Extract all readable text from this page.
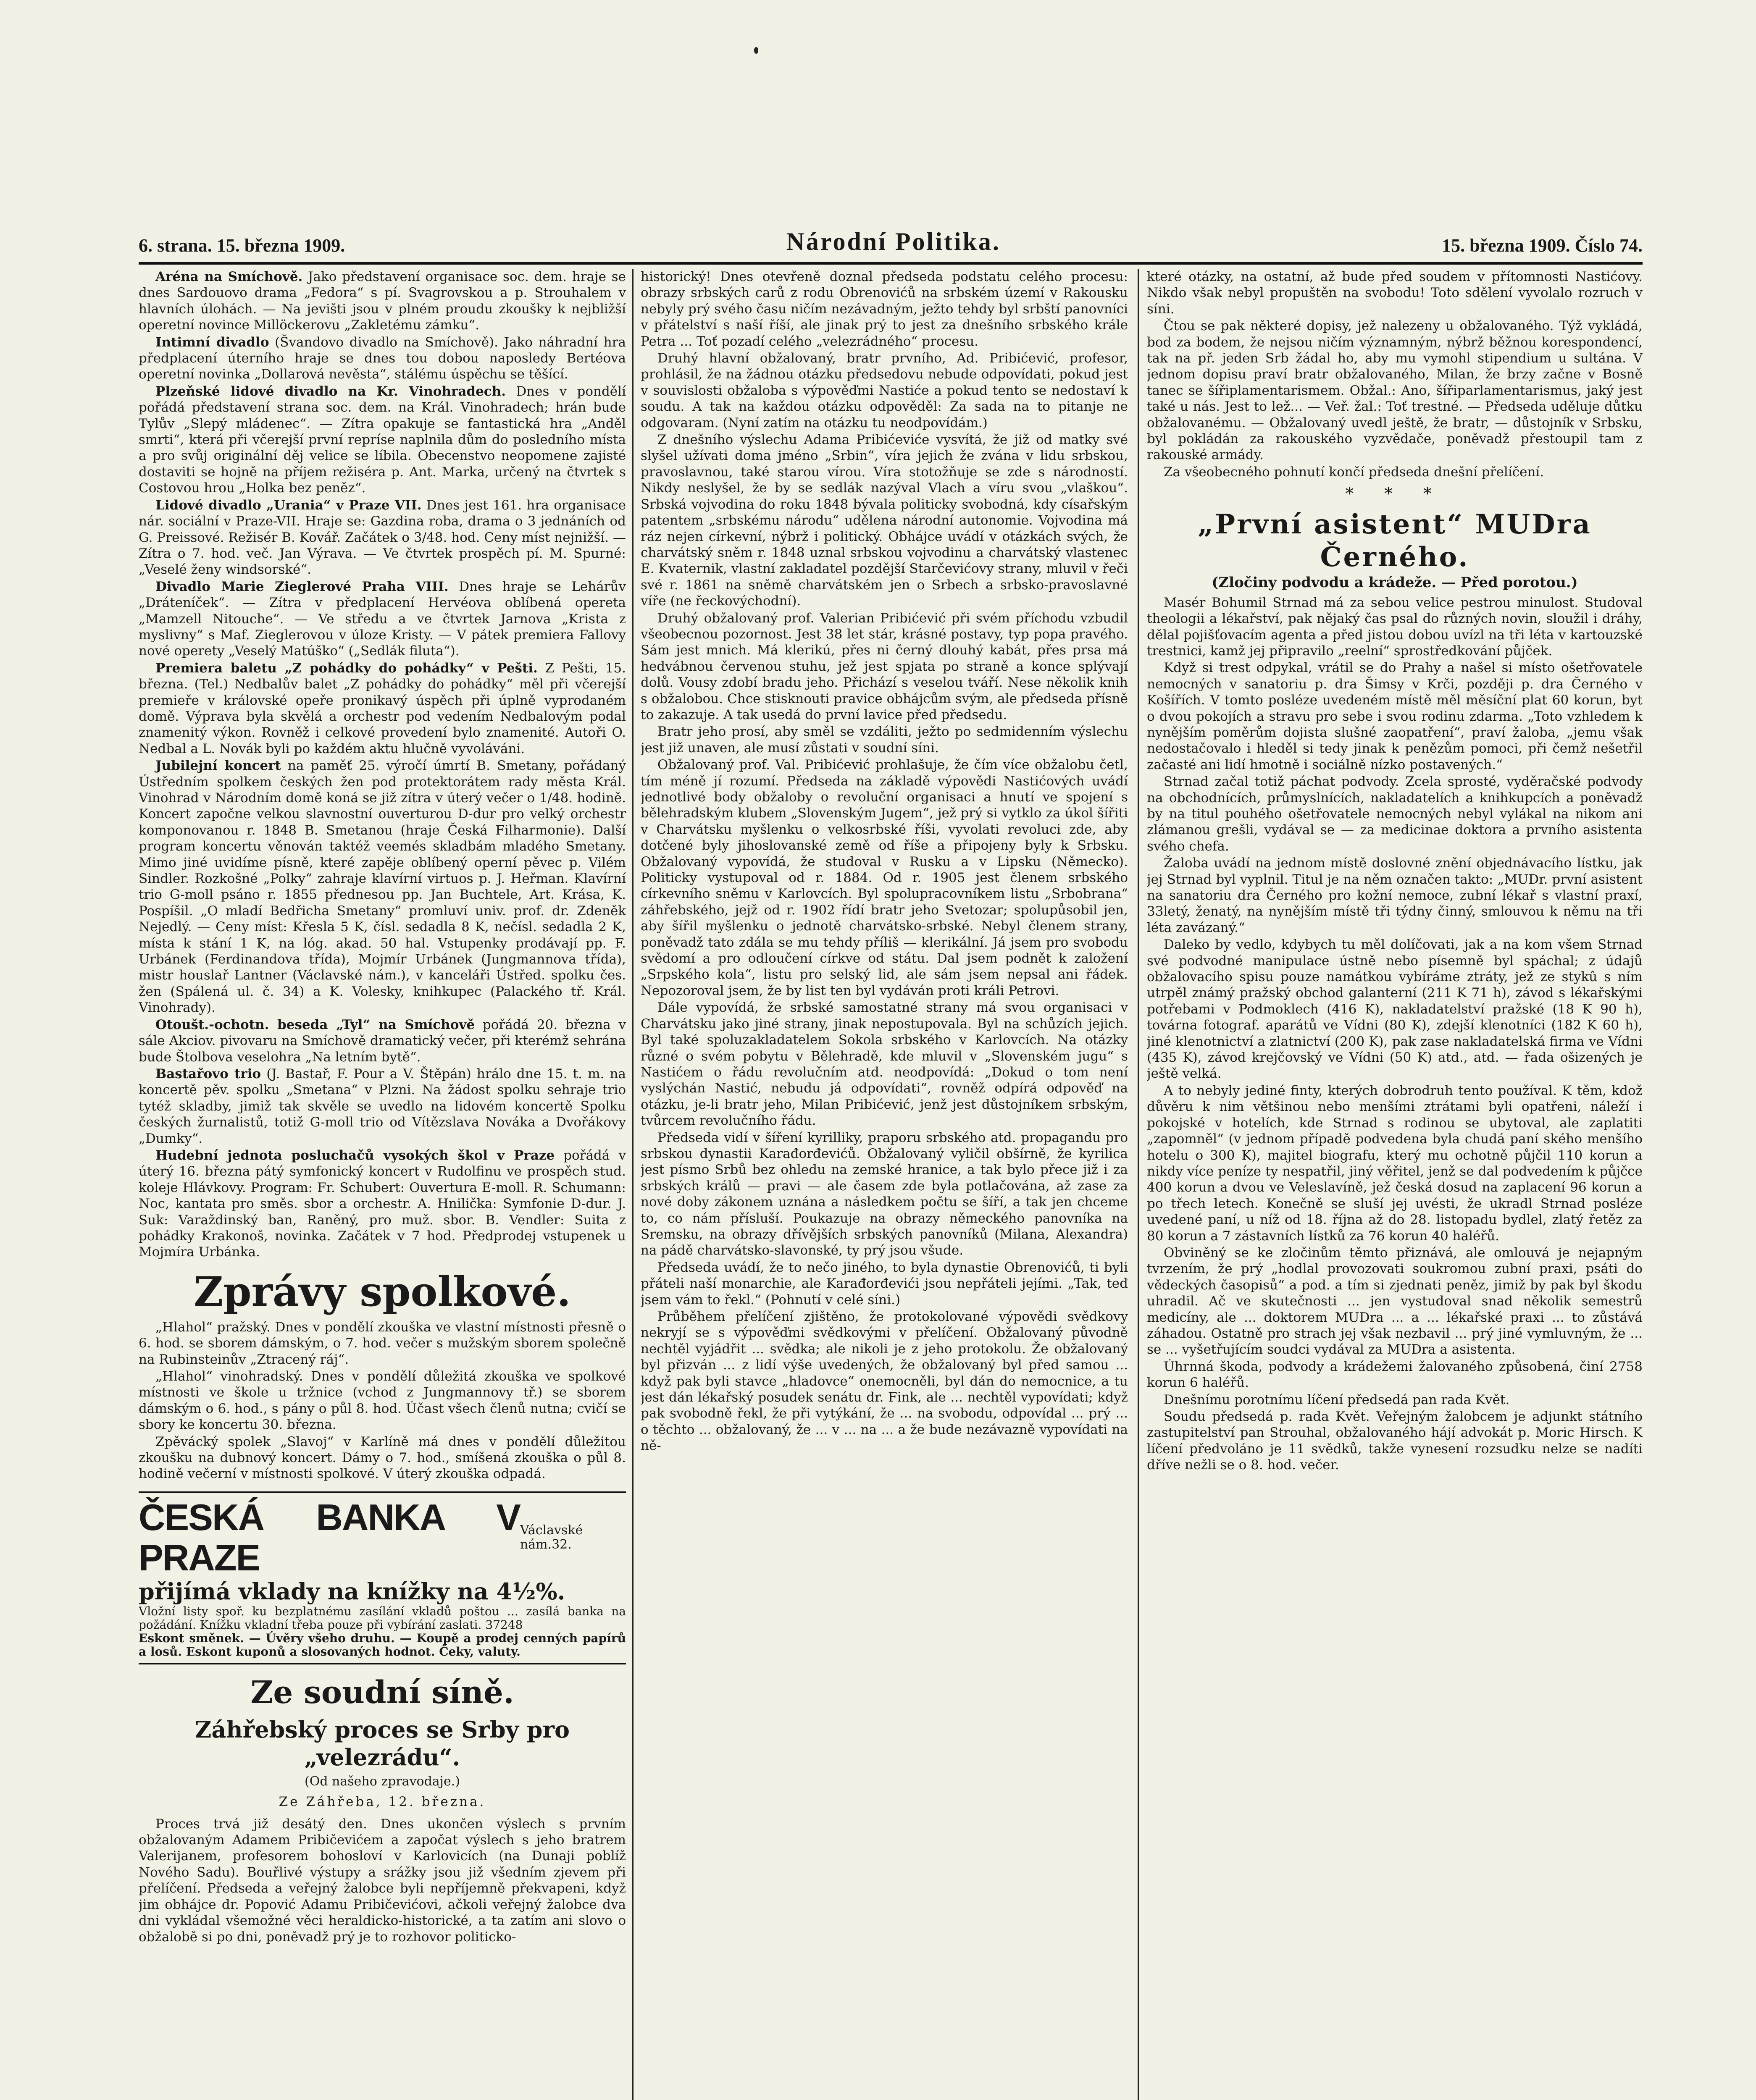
6. strana. 15. března 1909.	Národní Politika.	15. března 1909. Číslo 74.

Aréna na Smíchově. Jako představení organisace soc. dem. hraje se dnes Sardouovo drama „Fedora“ s pí. Svagrovskou a p. Strouhalem v hlavních úlohách. — Na jevišti jsou v plném proudu zkoušky k nejbližší operetní novince Millöckerovu „Zakletému zámku“.

Intimní divadlo (Švandovo divadlo na Smíchově). Jako náhradní hra předplacení úterního hraje se dnes tou dobou naposledy Bertéova operetní novinka „Dollarová nevěsta“, stálému úspěchu se těšící.

Plzeňské lidové divadlo na Kr. Vinohradech. Dnes v pondělí pořádá představení strana soc. dem. na Král. Vinohradech; hrán bude Tylův „Slepý mládenec“. — Zítra opakuje se fantastická hra „Anděl smrti“, která při včerejší první repríse naplnila dům do posledního místa a pro svůj originální děj velice se líbila. Obecenstvo neopomene zajisté dostaviti se hojně na příjem režiséra p. Ant. Marka, určený na čtvrtek s Costovou hrou „Holka bez peněz“.

Lidové divadlo „Urania“ v Praze VII. Dnes jest 161. hra organisace nár. sociální v Praze-VII. Hraje se: Gazdina roba, drama o 3 jednáních od G. Preissové. Režisér B. Kovář. Začátek o 3/48. hod. Ceny míst nejnižší. — Zítra o 7. hod. več. Jan Výrava. — Ve čtvrtek prospěch pí. M. Spurné: „Veselé ženy windsorské“.

Divadlo Marie Zieglerové Praha VIII. Dnes hraje se Lehárův „Dráteníček“. — Zítra v předplacení Hervéova oblíbená opereta „Mamzell Nitouche“. — Ve středu a ve čtvrtek Jarnova „Krista z myslivny“ s Maf. Zieglerovou v úloze Kristy. — V pátek premiera Fallovy nové operety „Veselý Matúško“ („Sedlák filuta“).

Premiera baletu „Z pohádky do pohádky“ v Pešti. Z Pešti, 15. března. (Tel.) Nedbalův balet „Z pohádky do pohádky“ měl při včerejší premieře v královské opeře pronikavý úspěch při úplně vyprodaném domě. Výprava byla skvělá a orchestr pod vedením Nedbalovým podal znamenitý výkon. Rovněž i celkové provedení bylo znamenité. Autoři O. Nedbal a L. Novák byli po každém aktu hlučně vyvoláváni.

Jubilejní koncert na paměť 25. výročí úmrtí B. Smetany, pořádaný Ústředním spolkem českých žen pod protektorátem rady města Král. Vinohrad v Národním domě koná se již zítra v úterý večer o 1/48. hodině. Koncert započne velkou slavnostní ouverturou D-dur pro velký orchestr komponovanou r. 1848 B. Smetanou (hraje Česká Filharmonie). Další program koncertu věnován taktéž veemés skladbám mladého Smetany. Mimo jiné uvidíme písně, které zapěje oblíbený operní pěvec p. Vilém Sindler. Rozkošné „Polky“ zahraje klavírní virtuos p. J. Heřman. Klavírní trio G-moll psáno r. 1855 přednesou pp. Jan Buchtele, Art. Krása, K. Pospíšil. „O mladí Bedřicha Smetany“ promluví univ. prof. dr. Zdeněk Nejedlý. — Ceny míst: Křesla 5 K, čísl. sedadla 8 K, nečísl. sedadla 2 K, místa k stání 1 K, na lóg. akad. 50 hal. Vstupenky prodávají pp. F. Urbánek (Ferdinandova třída), Mojmír Urbánek (Jungmannova třída), mistr houslař Lantner (Václavské nám.), v kanceláři Ústřed. spolku čes. žen (Spálená ul. č. 34) a K. Volesky, knihkupec (Palackého tř. Král. Vinohrady).

Otoušt.-ochotn. beseda „Tyl“ na Smíchově pořádá 20. března v sále Akciov. pivovaru na Smíchově dramatický večer, při kterémž sehrána bude Štolbova veselohra „Na letním bytě“.

Bastařovo trio (J. Bastař, F. Pour a V. Štěpán) hrálo dne 15. t. m. na koncertě pěv. spolku „Smetana“ v Plzni. Na žádost spolku sehraje trio tytéž skladby, jimiž tak skvěle se uvedlo na lidovém koncertě Spolku českých žurnalistů, totiž G-moll trio od Vítězslava Nováka a Dvořákovy „Dumky“.

Hudební jednota posluchačů vysokých škol v Praze pořádá v úterý 16. března pátý symfonický koncert v Rudolfinu ve prospěch stud. koleje Hlávkovy. Program: Fr. Schubert: Ouvertura E-moll. R. Schumann: Noc, kantata pro směs. sbor a orchestr. A. Hnilička: Symfonie D-dur. J. Suk: Varaždinský ban, Raněný, pro muž. sbor. B. Vendler: Suita z pohádky Krakonoš, novinka. Začátek v 7 hod. Předprodej vstupenek u Mojmíra Urbánka.

Zprávy spolkové.

„Hlahol“ pražský. Dnes v pondělí zkouška ve vlastní místnosti přesně o 6. hod. se sborem dámským, o 7. hod. večer s mužským sborem společně na Rubinsteinův „Ztracený ráj“.

„Hlahol“ vinohradský. Dnes v pondělí důležitá zkouška ve spolkové místnosti ve škole u tržnice (vchod z Jungmannovy tř.) se sborem dámským o 6. hod., s pány o půl 8. hod. Účast všech členů nutna; cvičí se sbory ke koncertu 30. března.

Zpěvácký spolek „Slavoj“ v Karlíně má dnes v pondělí důležitou zkoušku na dubnový koncert. Dámy o 7. hod., smíšená zkouška o půl 8. hodině večerní v místnosti spolkové. V úterý zkouška odpadá.

ČESKÁ BANKA V PRAZE
Václavské nám.32.
přijímá vklady na knížky na 4½%.
Vložní listy spoř. ku bezplatnému zasílání vkladů poštou ... zasílá banka na požádání. Knížku vkladní třeba pouze při vybírání zaslati. 37248
Eskont směnek. — Úvěry všeho druhu. — Koupě a prodej cenných papírů a losů. Eskont kuponů a slosovaných hodnot. Čeky, valuty.
Ze soudní síně.
Záhřebský proces se Srby pro „velezrádu“.
(Od našeho zpravodaje.)
Ze Záhřeba, 12. března.

Proces trvá již desátý den. Dnes ukončen výslech s prvním obžalovaným Adamem Pribičevićem a započat výslech s jeho bratrem Valerijanem, profesorem bohosloví v Karlovicích (na Dunaji poblíž Nového Sadu). Bouřlivé výstupy a srážky jsou již všedním zjevem při přelíčení. Předseda a veřejný žalobce byli nepříjemně překvapeni, když jim obhájce dr. Popović Adamu Pribičevićovi, ačkoli veřejný žalobce dva dni vykládal všemožné věci heraldicko-historické, a ta zatím ani slovo o obžalobě si po dni, poněvadž prý je to rozhovor politicko-

historický! Dnes otevřeně doznal předseda podstatu celého procesu: obrazy srbských carů z rodu Obrenovićů na srbském území v Rakousku nebyly prý svého času ničím nezávadným, ježto tehdy byl srbští panovníci v přátelství s naší říší, ale jinak prý to jest za dnešního srbského krále Petra ... Toť pozadí celého „velezrádného“ procesu.

Druhý hlavní obžalovaný, bratr prvního, Ad. Pribićević, profesor, prohlásil, že na žádnou otázku předsedovu nebude odpovídati, pokud jest v souvislosti obžaloba s výpověďmi Nastiće a pokud tento se nedostaví k soudu. A tak na každou otázku odpověděl: Za sada na to pitanje ne odgovaram. (Nyní zatím na otázku tu neodpovídám.)

Z dnešního výslechu Adama Pribićeviće vysvítá, že již od matky své slyšel užívati doma jméno „Srbin“, víra jejich že zvána v lidu srbskou, pravoslavnou, také starou vírou. Víra stotožňuje se zde s národností. Nikdy neslyšel, že by se sedlák nazýval Vlach a víru svou „vlaškou“. Srbská vojvodina do roku 1848 bývala politicky svobodná, kdy císařským patentem „srbskému národu“ udělena národní autonomie. Vojvodina má ráz nejen církevní, nýbrž i politický. Obhájce uvádí v otázkách svých, že charvátský sněm r. 1848 uznal srbskou vojvodinu a charvátský vlastenec E. Kvaternik, vlastní zakladatel pozdější Starčevićovy strany, mluvil v řeči své r. 1861 na sněmě charvátském jen o Srbech a srbsko-pravoslavné víře (ne řeckovýchodní).

Druhý obžalovaný prof. Valerian Pribićević při svém příchodu vzbudil všeobecnou pozornost. Jest 38 let stár, krásné postavy, typ popa pravého. Sám jest mnich. Má klerikú, přes ni černý dlouhý kabát, přes prsa má hedvábnou červenou stuhu, jež jest spjata po straně a konce splývají dolů. Vousy zdobí bradu jeho. Přichází s veselou tváří. Nese několik knih s obžalobou. Chce stisknouti pravice obhájcům svým, ale předseda přísně to zakazuje. A tak usedá do první lavice před předsedu.

Bratr jeho prosí, aby směl se vzdáliti, ježto po sedmidenním výslechu jest již unaven, ale musí zůstati v soudní síni.

Obžalovaný prof. Val. Pribićević prohlašuje, že čím více obžalobu četl, tím méně jí rozumí. Předseda na základě výpovědi Nastićových uvádí jednotlivé body obžaloby o revoluční organisaci a hnutí ve spojení s bělehradským klubem „Slovenským Jugem“, jež prý si vytklo za úkol šířiti v Charvátsku myšlenku o velkosrbské říši, vyvolati revoluci zde, aby dotčené byly jihoslovanské země od říše a připojeny byly k Srbsku. Obžalovaný vypovídá, že studoval v Rusku a v Lipsku (Německo). Politicky vystupoval od r. 1884. Od r. 1905 jest členem srbského církevního sněmu v Karlovcích. Byl spolupracovníkem listu „Srbobrana“ záhřebského, jejž od r. 1902 řídí bratr jeho Svetozar; spolupůsobil jen, aby šířil myšlenku o jednotě charvátsko-srbské. Nebyl členem strany, poněvadž tato zdála se mu tehdy příliš — klerikální. Já jsem pro svobodu svědomí a pro odloučení církve od státu. Dal jsem podnět k založení „Srpského kola“, listu pro selský lid, ale sám jsem nepsal ani řádek. Nepozoroval jsem, že by list ten byl vydáván proti králi Petrovi.

Dále vypovídá, že srbské samostatné strany má svou organisaci v Charvátsku jako jiné strany, jinak nepostupovala. Byl na schůzích jejich. Byl také spoluzakladatelem Sokola srbského v Karlovcích. Na otázky různé o svém pobytu v Bělehradě, kde mluvil v „Slovenském jugu“ s Nastićem o řádu revolučním atd. neodpovídá: „Dokud o tom není vyslýchán Nastić, nebudu já odpovídati“, rovněž odpírá odpověď na otázku, je-li bratr jeho, Milan Pribićević, jenž jest důstojníkem srbským, tvůrcem revolučního řádu.

Předseda vidí v šíření kyrilliky, praporu srbského atd. propagandu pro srbskou dynastii Karađorđevićů. Obžalovaný vyličil obšírně, že kyrilica jest písmo Srbů bez ohledu na zemské hranice, a tak bylo přece již i za srbských králů — pravi — ale časem zde byla potlačována, až zase za nové doby zákonem uznána a následkem počtu se šíří, a tak jen chceme to, co nám přísluší. Poukazuje na obrazy německého panovníka na Sremsku, na obrazy dřívějších srbských panovníků (Milana, Alexandra) na pádě charvátsko-slavonské, ty prý jsou všude.

Předseda uvádí, že to nečo jiného, to byla dynastie Obrenovićů, ti byli přáteli naší monarchie, ale Karađorđevići jsou nepřáteli jejími. „Tak, teď jsem vám to řekl.“ (Pohnutí v celé síni.)

Průběhem přelíčení zjištěno, že protokolované výpovědi svědkovy nekryjí se s výpověďmi svědkovými v přelíčení. Obžalovaný původně nechtěl vyjádřit ... svědka; ale nikoli je z jeho protokolu. Že obžalovaný byl přizván ... z lidí výše uvedených, že obžalovaný byl před samou ... když pak byli stavce „hladovce“ onemocněli, byl dán do nemocnice, a tu jest dán lékařský posudek senátu dr. Fink, ale ... nechtěl vypovídati; když pak svobodně řekl, že při vytýkání, že ... na svobodu, odpovídal ... prý ... o těchto ... obžalovaný, že ... v ... na ... a že bude nezávazně vypovídati na ně-

které otázky, na ostatní, až bude před soudem v přítomnosti Nastićovy. Nikdo však nebyl propuštěn na svobodu! Toto sdělení vyvolalo rozruch v síni.

Čtou se pak některé dopisy, jež nalezeny u obžalovaného. Týž vykládá, bod za bodem, že nejsou ničím významným, nýbrž běžnou korespondencí, tak na př. jeden Srb žádal ho, aby mu vymohl stipendium u sultána. V jednom dopisu praví bratr obžalovaného, Milan, že brzy začne v Bosně tanec se šířiplamentarismem. Obžal.: Ano, šířiparlamentarismus, jaký jest také u nás. Jest to lež... — Veř. žal.: Toť trestné. — Předseda uděluje důtku obžalovanému. — Obžalovaný uvedl ještě, že bratr, — důstojník v Srbsku, byl pokládán za rakouského vyzvědače, poněvadž přestoupil tam z rakouské armády.

Za všeobecného pohnutí končí předseda dnešní přelíčení.

* * *
„První asistent“ MUDra Černého.
(Zločiny podvodu a krádeže. — Před porotou.)

Masér Bohumil Strnad má za sebou velice pestrou minulost. Studoval theologii a lékařství, pak nějaký čas psal do různých novin, sloužil i dráhy, dělal pojišťovacím agenta a před jistou dobou uvízl na tři léta v kartouzské trestnici, kamž jej připravilo „reelní“ sprostředkování půjček.

Když si trest odpykal, vrátil se do Prahy a našel si místo ošetřovatele nemocných v sanatoriu p. dra Šimsy v Krči, později p. dra Černého v Košířích. V tomto posléze uvedeném místě měl měsíční plat 60 korun, byt o dvou pokojích a stravu pro sebe i svou rodinu zdarma. „Toto vzhledem k nynějším poměrům dojista slušné zaopatření“, praví žaloba, „jemu však nedostačovalo i hleděl si tedy jinak k penězům pomoci, při čemž nešetřil začasté ani lidí hmotně i sociálně nízko postavených.“

Strnad začal totiž páchat podvody. Zcela sprosté, vyděračské podvody na obchodnících, průmyslnících, nakladatelích a knihkupcích a poněvadž by na titul pouhého ošetřovatele nemocných nebyl vylákal na nikom ani zlámanou grešli, vydával se — za medicinae doktora a prvního asistenta svého chefa.

Žaloba uvádí na jednom místě doslovné znění objednávacího lístku, jak jej Strnad byl vyplnil. Titul je na něm označen takto: „MUDr. první asistent na sanatoriu dra Černého pro kožní nemoce, zubní lékař s vlastní praxí, 33letý, ženatý, na nynějším místě tři týdny činný, smlouvou k němu na tři léta zavázaný.“

Daleko by vedlo, kdybych tu měl dolíčovati, jak a na kom všem Strnad své podvodné manipulace ústně nebo písemně byl spáchal; z údajů obžalovacího spisu pouze namátkou vybíráme ztráty, jež ze stykû s ním utrpěl známý pražský obchod galanterní (211 K 71 h), závod s lékařskými potřebami v Podmoklech (416 K), nakladatelství pražské (18 K 90 h), továrna fotograf. aparátů ve Vídni (80 K), zdejší klenotníci (182 K 60 h), jiné klenotnictví a zlatnictví (200 K), pak zase nakladatelská firma ve Vídni (435 K), závod krejčovský ve Vídni (50 K) atd., atd. — řada ošizených je ještě velká.

A to nebyly jediné finty, kterých dobrodruh tento používal. K těm, kdož důvěru k nim většinou nebo menšími ztrátami byli opatřeni, náleží i pokojské v hotelích, kde Strnad s rodinou se ubytoval, ale zaplatiti „zapomněl“ (v jednom případě podvedena byla chudá paní ského menšího hotelu o 300 K), majitel biografu, který mu ochotně půjčil 110 korun a nikdy více peníze ty nespatřil, jiný věřitel, jenž se dal podvedením k půjčce 400 korun a dvou ve Veleslavíně, jež česká dosud na zaplacení 96 korun a po třech letech. Konečně se sluší jej uvésti, že ukradl Strnad posléze uvedené paní, u níž od 18. října až do 28. listopadu bydlel, zlatý řetěz za 80 korun a 7 zástavních lístků za 76 korun 40 haléřů.

Obviněný se ke zločinům těmto přiznává, ale omlouvá je nejapným tvrzením, že prý „hodlal provozovati soukromou zubní praxi, psáti do vědeckých časopisů“ a pod. a tím si zjednati peněz, jimiž by pak byl škodu uhradil. Ač ve skutečnosti ... jen vystudoval snad několik semestrů medicíny, ale ... doktorem MUDra ... a ... lékařské praxi ... to zůstává záhadou. Ostatně pro strach jej však nezbavil ... prý jiné vymluvným, že ... se ... vyšetřujícím soudci vydával za MUDra a asistenta.

Úhrnná škoda, podvody a krádežemi žalovaného způsobená, činí 2758 korun 6 haléřů.

Dnešnímu porotnímu líčení předsedá pan rada Květ.

Soudu předsedá p. rada Květ. Veřejným žalobcem je adjunkt státního zastupitelství pan Strouhal, obžalovaného hájí advokát p. Moric Hirsch. K líčení předvoláno je 11 svědků, takže vynesení rozsudku nelze se nadíti dříve nežli se o 8. hod. večer.
